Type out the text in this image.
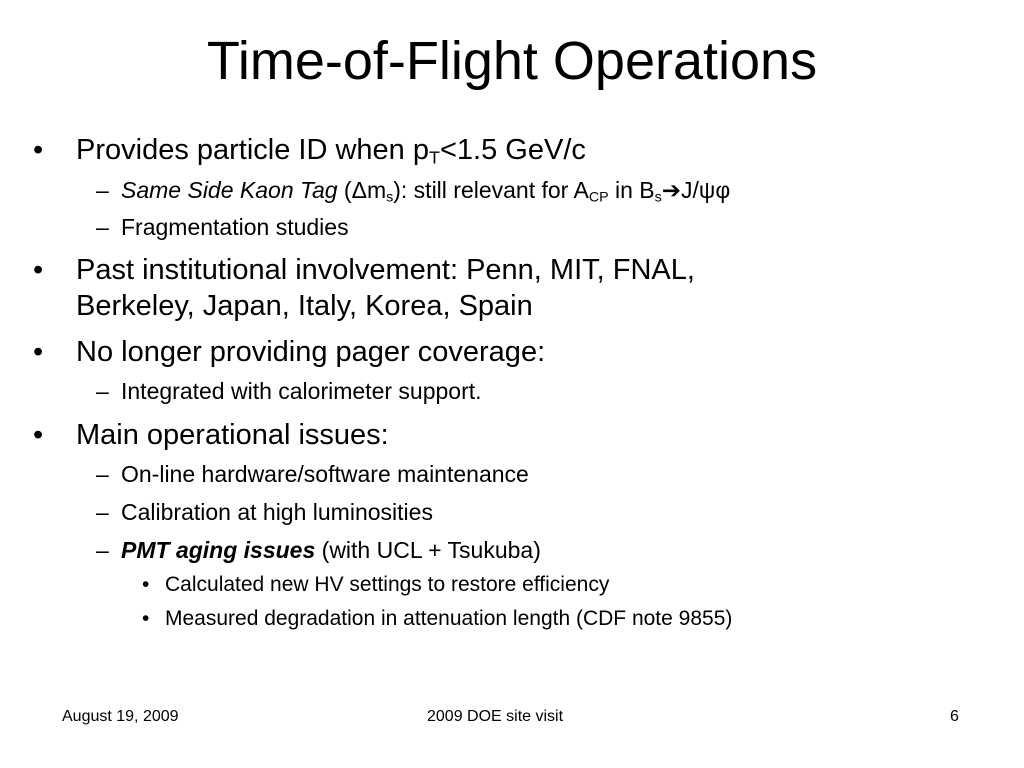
Time-of-Flight Operations
• Provides particle ID when $p_T<1.5$ GeV/c
– Same Side Kaon Tag $(\Delta m_s)$: still relevant for $A_{CP}$ in $B_s➔J/\psi\varphi$
– Fragmentation studies
• Past institutional involvement: Penn, MIT, FNAL,
Berkeley, Japan, Italy, Korea, Spain
• No longer providing pager coverage:
– Integrated with calorimeter support.
• Main operational issues:
– On-line hardware/software maintenance
– Calibration at high luminosities
– PMT aging issues (with UCL + Tsukuba)
• Calculated new HV settings to restore efficiency
• Measured degradation in attenuation length (CDF note 9855)
August 19, 2009	2009 DOE site visit	6
